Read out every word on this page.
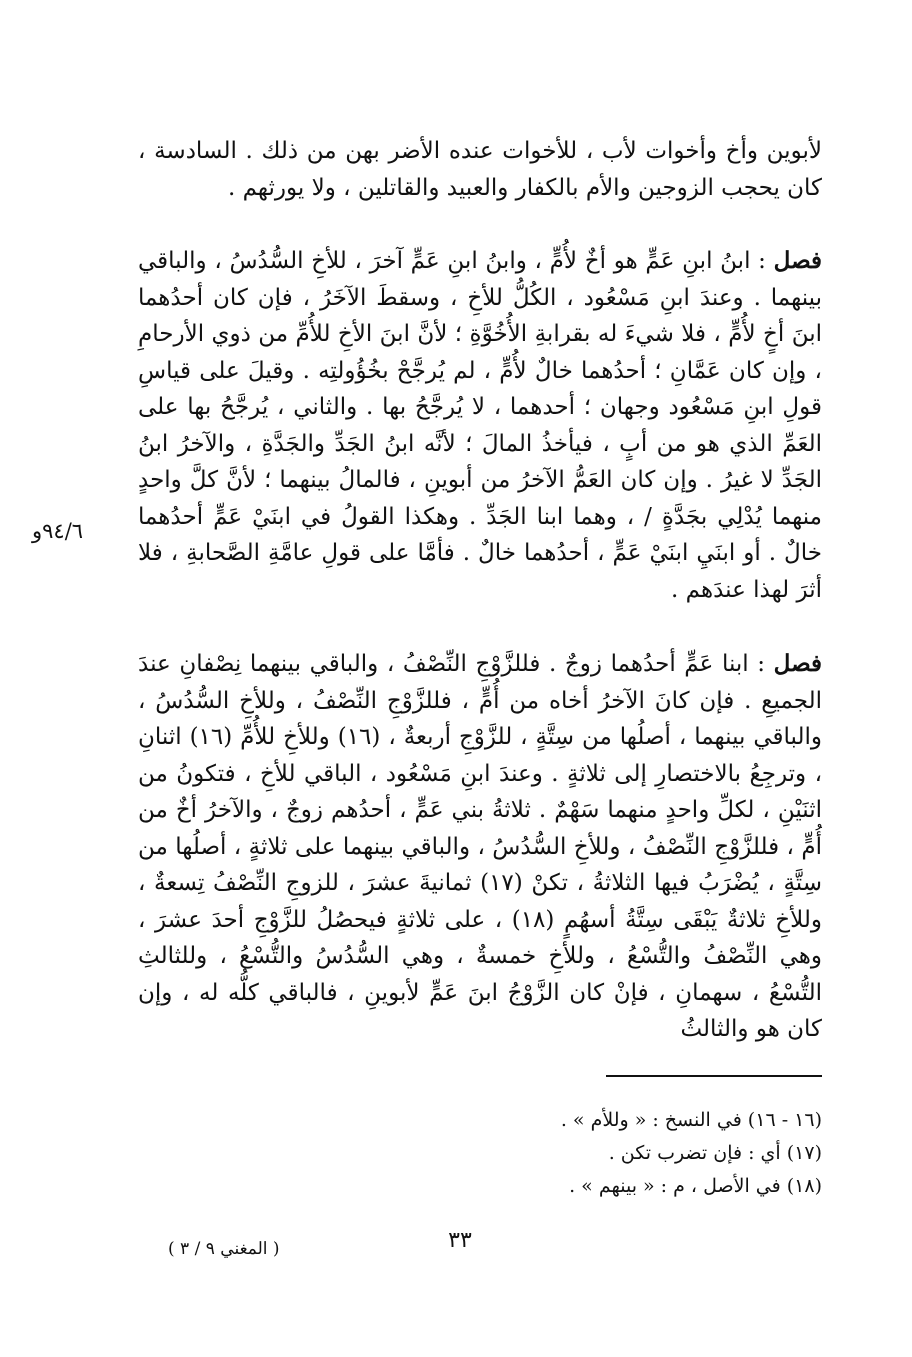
لأبوين وأخ وأخوات لأب ، للأخوات عنده الأضر بهن من ذلك . السادسة ، كان يحجب الزوجين والأم بالكفار والعبيد والقاتلين ، ولا يورثهم .

فصل : ابنُ ابنِ عَمٍّ هو أخٌ لأُمٍّ ، وابنُ ابنِ عَمٍّ آخرَ ، للأخِ السُّدُسُ ، والباقي بينهما . وعندَ ابنِ مَسْعُود ، الكُلُّ للأخِ ، وسقطَ الآخَرُ ، فإن كان أحدُهما ابنَ أخٍ لأُمٍّ ، فلا شيءَ له بقرابةِ الأُخُوَّةِ ؛ لأنَّ ابنَ الأخِ للأُمِّ من ذوي الأرحامِ ، وإن كان عَمَّانِ ؛ أحدُهما خالٌ لأُمٍّ ، لم يُرجَّحْ بخُؤُولتِه . وقيلَ على قياسِ قولِ ابنِ مَسْعُود وجهان ؛ أحدهما ، لا يُرجَّحُ بها . والثاني ، يُرجَّحُ بها على العَمِّ الذي هو من أبٍ ، فيأخذُ المالَ ؛ لأنَّه ابنُ الجَدِّ والجَدَّةِ ، والآخرُ ابنُ الجَدِّ لا غيرُ . وإن كان العَمُّ الآخرُ من أبوينِ ، فالمالُ بينهما ؛ لأنَّ كلَّ واحدٍ منهما يُدْلِي بجَدَّةٍ / ، وهما ابنا الجَدِّ . وهكذا القولُ في ابنَيْ عَمٍّ أحدُهما خالٌ . أو ابنَيِ ابنَيْ عَمٍّ ، أحدُهما خالٌ . فأمَّا على قولِ عامَّةِ الصَّحابةِ ، فلا أثرَ لهذا عندَهم .

٩٤/٦و

فصل : ابنا عَمٍّ أحدُهما زوجٌ . فللزَّوْجِ النِّصْفُ ، والباقي بينهما نِصْفانِ عندَ الجميعِ . فإن كانَ الآخرُ أخاه من أُمٍّ ، فللزَّوْجِ النِّصْفُ ، وللأخِ السُّدُسُ ، والباقي بينهما ، أصلُها من سِتَّةٍ ، للزَّوْجِ أربعةٌ ، (١٦) وللأخِ للأُمِّ (١٦) اثنانِ ، وترجِعُ بالاختصارِ إلى ثلاثةٍ . وعندَ ابنِ مَسْعُود ، الباقي للأخِ ، فتكونُ من اثنَيْنِ ، لكلِّ واحدٍ منهما سَهْمٌ . ثلاثةُ بني عَمٍّ ، أحدُهم زوجٌ ، والآخرُ أخٌ من أُمٍّ ، فللزَّوْجِ النِّصْفُ ، وللأخِ السُّدُسُ ، والباقي بينهما على ثلاثةٍ ، أصلُها من سِتَّةٍ ، يُضْرَبُ فيها الثلاثةُ ، تكنْ (١٧) ثمانيةَ عشرَ ، للزوجِ النِّصْفُ تِسعةٌ ، وللأخِ ثلاثةٌ يَبْقَى سِتَّةُ أسهُمٍ (١٨) ، على ثلاثةٍ فيحصُلُ للزَّوْجِ أحدَ عشرَ ، وهي النِّصْفُ والتُّسْعُ ، وللأخِ خمسةٌ ، وهي السُّدُسُ والتُّسْعُ ، وللثالثِ التُّسْعُ ، سهمانِ ، فإنْ كان الزَّوْجُ ابنَ عَمٍّ لأبوينِ ، فالباقي كلُّه له ، وإن كان هو والثالثُ

(١٦ - ١٦) في النسخ : « وللأم » .
(١٧) أي : فإن تضرب تكن .
(١٨) في الأصل ، م : « بينهم » .
٣٣
( المغني ٩ / ٣ )
